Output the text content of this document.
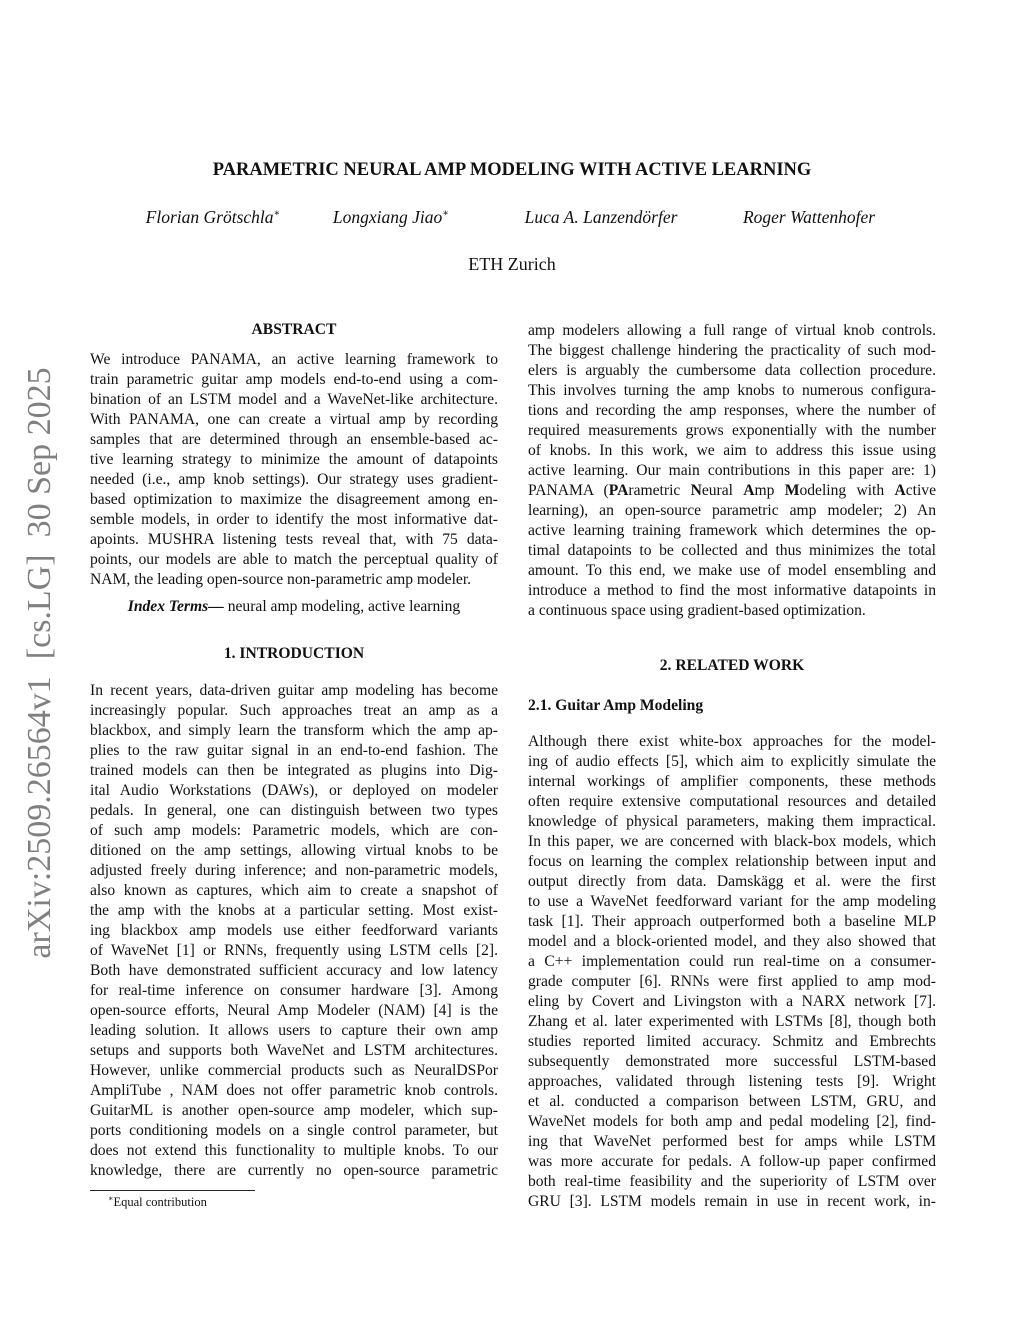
PARAMETRIC NEURAL AMP MODELING WITH ACTIVE LEARNING
Florian Grötschla∗	Longxiang Jiao∗	Luca A. Lanzendörfer	Roger Wattenhofer
ETH Zurich
arXiv:2509.26564v1  [cs.LG]  30 Sep 2025
ABSTRACT
We introduce PANAMA, an active learning framework to
train parametric guitar amp models end-to-end using a com-
bination of an LSTM model and a WaveNet-like architecture.
With PANAMA, one can create a virtual amp by recording
samples that are determined through an ensemble-based ac-
tive learning strategy to minimize the amount of datapoints
needed (i.e., amp knob settings). Our strategy uses gradient-
based optimization to maximize the disagreement among en-
semble models, in order to identify the most informative dat-
apoints. MUSHRA listening tests reveal that, with 75 data-
points, our models are able to match the perceptual quality of
NAM, the leading open-source non-parametric amp modeler.
Index Terms— neural amp modeling, active learning
1. INTRODUCTION
In recent years, data-driven guitar amp modeling has become
increasingly popular. Such approaches treat an amp as a
blackbox, and simply learn the transform which the amp ap-
plies to the raw guitar signal in an end-to-end fashion. The
trained models can then be integrated as plugins into Dig-
ital Audio Workstations (DAWs), or deployed on modeler
pedals. In general, one can distinguish between two types
of such amp models: Parametric models, which are con-
ditioned on the amp settings, allowing virtual knobs to be
adjusted freely during inference; and non-parametric models,
also known as captures, which aim to create a snapshot of
the amp with the knobs at a particular setting. Most exist-
ing blackbox amp models use either feedforward variants
of WaveNet [1] or RNNs, frequently using LSTM cells [2].
Both have demonstrated sufficient accuracy and low latency
for real-time inference on consumer hardware [3]. Among
open-source efforts, Neural Amp Modeler (NAM) [4] is the
leading solution. It allows users to capture their own amp
setups and supports both WaveNet and LSTM architectures.
However, unlike commercial products such as NeuralDSPor
AmpliTube , NAM does not offer parametric knob controls.
GuitarML is another open-source amp modeler, which sup-
ports conditioning models on a single control parameter, but
does not extend this functionality to multiple knobs. To our
knowledge, there are currently no open-source parametric
∗Equal contribution
amp modelers allowing a full range of virtual knob controls.
The biggest challenge hindering the practicality of such mod-
elers is arguably the cumbersome data collection procedure.
This involves turning the amp knobs to numerous configura-
tions and recording the amp responses, where the number of
required measurements grows exponentially with the number
of knobs. In this work, we aim to address this issue using
active learning. Our main contributions in this paper are: 1)
PANAMA (PArametric Neural Amp Modeling with Active
learning), an open-source parametric amp modeler; 2) An
active learning training framework which determines the op-
timal datapoints to be collected and thus minimizes the total
amount. To this end, we make use of model ensembling and
introduce a method to find the most informative datapoints in
a continuous space using gradient-based optimization.
2. RELATED WORK
2.1. Guitar Amp Modeling
Although there exist white-box approaches for the model-
ing of audio effects [5], which aim to explicitly simulate the
internal workings of amplifier components, these methods
often require extensive computational resources and detailed
knowledge of physical parameters, making them impractical.
In this paper, we are concerned with black-box models, which
focus on learning the complex relationship between input and
output directly from data. Damskägg et al. were the first
to use a WaveNet feedforward variant for the amp modeling
task [1]. Their approach outperformed both a baseline MLP
model and a block-oriented model, and they also showed that
a C++ implementation could run real-time on a consumer-
grade computer [6]. RNNs were first applied to amp mod-
eling by Covert and Livingston with a NARX network [7].
Zhang et al. later experimented with LSTMs [8], though both
studies reported limited accuracy. Schmitz and Embrechts
subsequently demonstrated more successful LSTM-based
approaches, validated through listening tests [9]. Wright
et al. conducted a comparison between LSTM, GRU, and
WaveNet models for both amp and pedal modeling [2], find-
ing that WaveNet performed best for amps while LSTM
was more accurate for pedals. A follow-up paper confirmed
both real-time feasibility and the superiority of LSTM over
GRU [3]. LSTM models remain in use in recent work, in-
